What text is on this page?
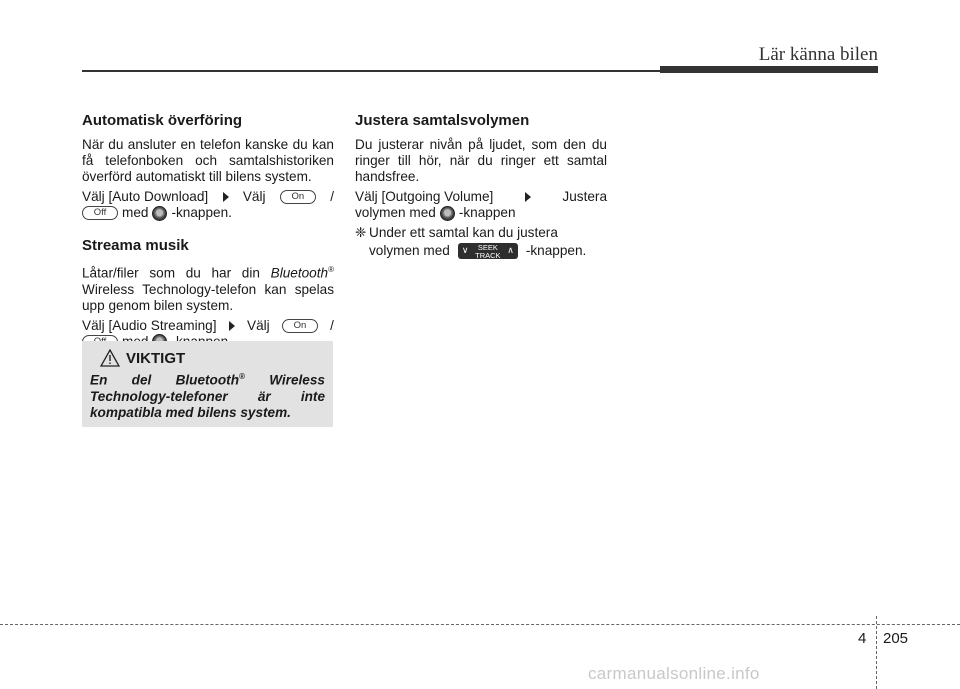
Lär känna bilen
Automatisk överföring

När du ansluter en telefon kanske du kan få telefonboken och samtalshistoriken överförd automatiskt till bilens system.

Välj [Auto Download]	Välj	On	/
Off	med -knappen.
Streama musik

Låtar/filer som du har din Bluetooth® Wireless Technology-telefon kan spelas upp genom bilen system.

Välj [Audio Streaming] Välj	On	/
VIKTIGT
En del Bluetooth® Wireless Technology-telefoner är inte kompatibla med bilens system.
Justera samtalsvolymen

Du justerar nivån på ljudet, som den du ringer till hör, när du ringer ett samtal handsfree.

Välj [Outgoing Volume]	Justera
volymen med -knappen
❈ Under ett samtal kan du justera
volymen med ∨	SEEK
TRACK ∧ -knappen.
4 205
carmanualsonline.info
